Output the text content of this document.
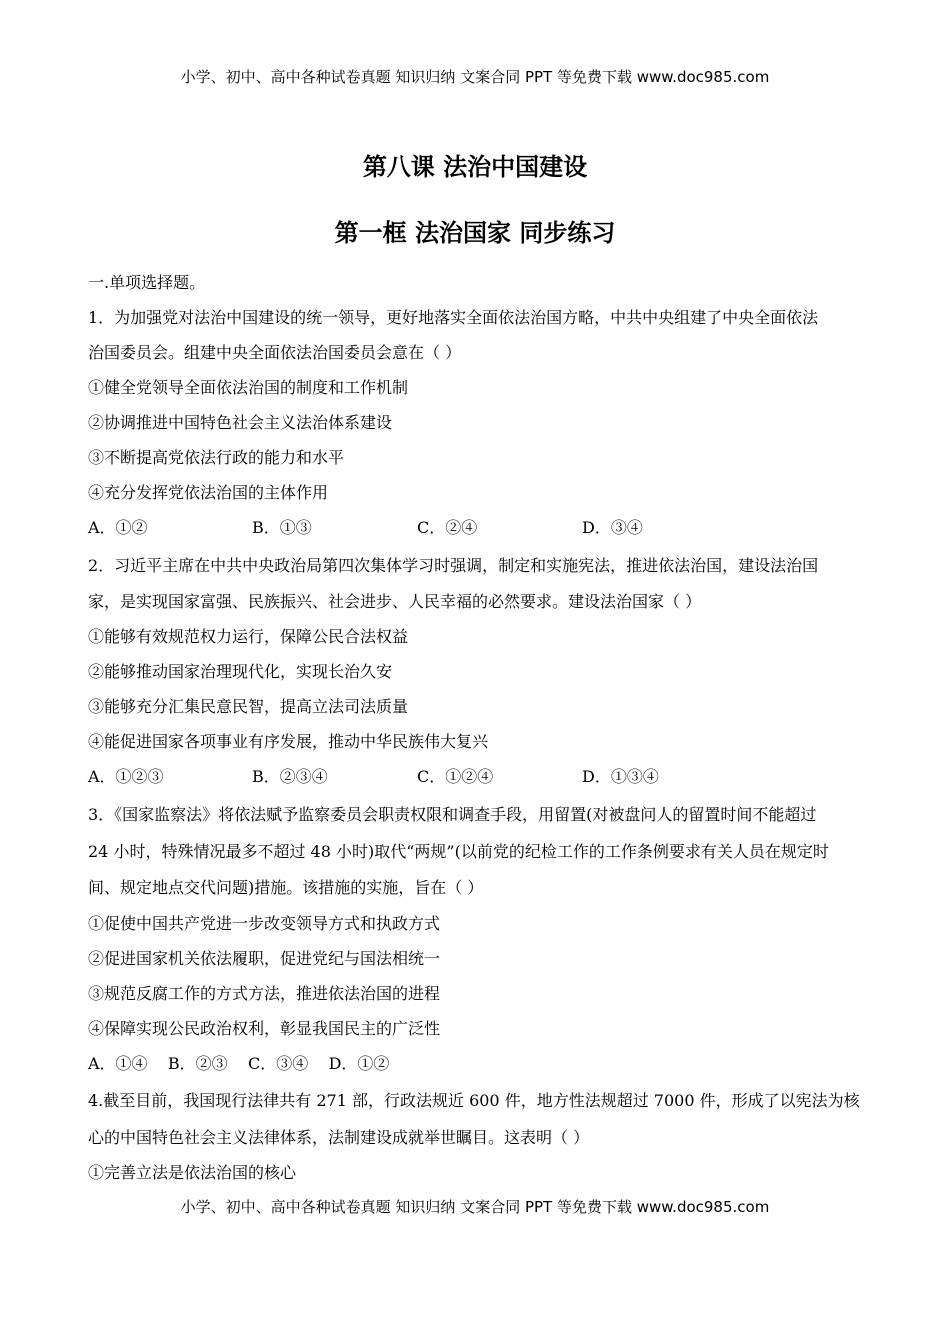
小学、初中、高中各种试卷真题 知识归纳 文案合同 PPT 等免费下载 www.doc985.com
第八课 法治中国建设
第一框 法治国家 同步练习
一.单项选择题。
1．为加强党对法治中国建设的统一领导，更好地落实全面依法治国方略，中共中央组建了中央全面依法
治国委员会。组建中央全面依法治国委员会意在（ ）
①健全党领导全面依法治国的制度和工作机制
②协调推进中国特色社会主义法治体系建设
③不断提高党依法行政的能力和水平
④充分发挥党依法治国的主体作用
A．①②	B．①③	C．②④	D．③④
2．习近平主席在中共中央政治局第四次集体学习时强调，制定和实施宪法，推进依法治国，建设法治国
家，是实现国家富强、民族振兴、社会进步、人民幸福的必然要求。建设法治国家（ ）
①能够有效规范权力运行，保障公民合法权益
②能够推动国家治理现代化，实现长治久安
③能够充分汇集民意民智，提高立法司法质量
④能促进国家各项事业有序发展，推动中华民族伟大复兴
A．①②③	B．②③④	C．①②④	D．①③④
3．《国家监察法》将依法赋予监察委员会职责权限和调查手段，用留置(对被盘问人的留置时间不能超过
24 小时，特殊情况最多不超过 48 小时)取代“两规”(以前党的纪检工作的工作条例要求有关人员在规定时
间、规定地点交代问题)措施。该措施的实施，旨在（ ）
①促使中国共产党进一步改变领导方式和执政方式
②促进国家机关依法履职，促进党纪与国法相统一
③规范反腐工作的方式方法，推进依法治国的进程
④保障实现公民政治权利，彰显我国民主的广泛性
A．①④    B．②③    C．③④    D．①②
4.截至目前，我国现行法律共有 271 部，行政法规近 600 件，地方性法规超过 7000 件，形成了以宪法为核
心的中国特色社会主义法律体系，法制建设成就举世瞩目。这表明（ ）
①完善立法是依法治国的核心
小学、初中、高中各种试卷真题 知识归纳 文案合同 PPT 等免费下载 www.doc985.com
